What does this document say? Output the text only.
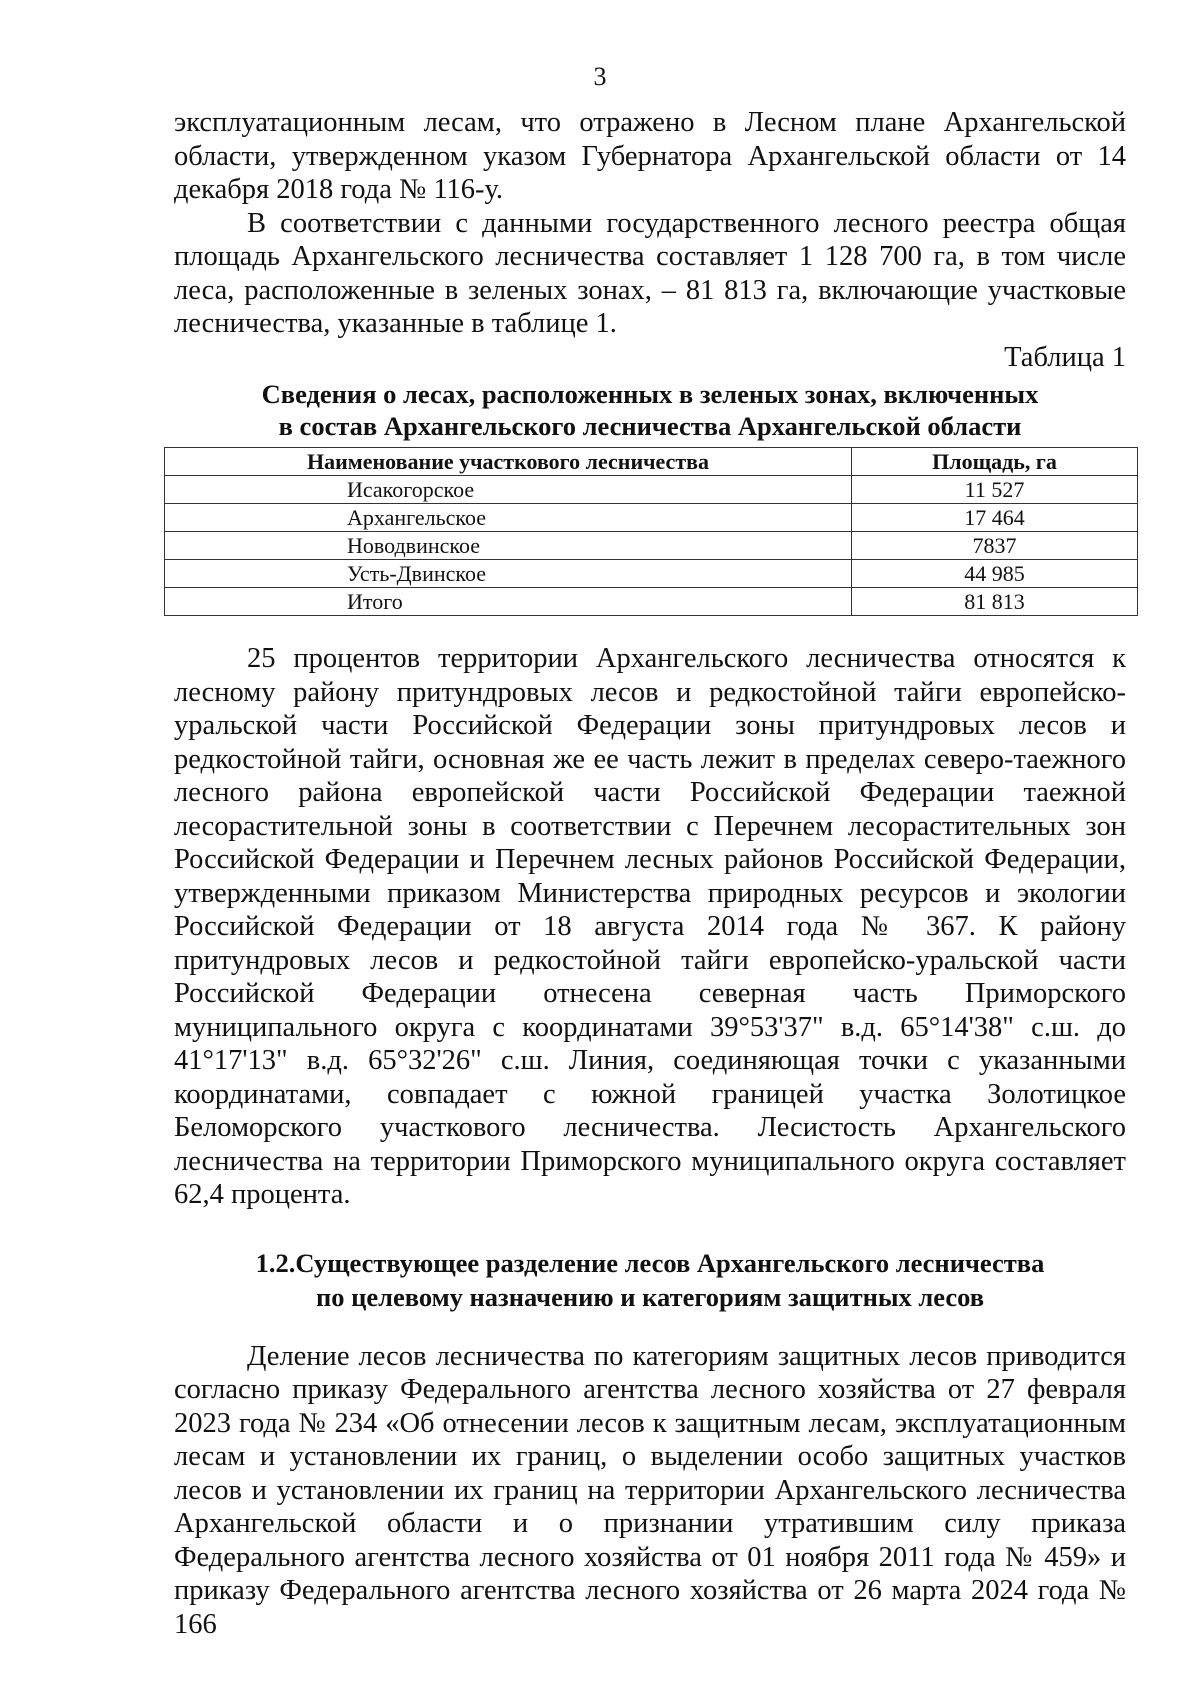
3

эксплуатационным лесам, что отражено в Лесном плане Архангельской области, утвержденном указом Губернатора Архангельской области от 14 декабря 2018 года № 116-у.

В соответствии с данными государственного лесного реестра общая площадь Архангельского лесничества составляет 1 128 700 га, в том числе леса, расположенные в зеленых зонах, – 81 813 га, включающие участковые лесничества, указанные в таблице 1.

Таблица 1

Сведения о лесах, расположенных в зеленых зонах, включенных
в состав Архангельского лесничества Архангельской области
Наименование участкового лесничества	Площадь, га
Исакогорское	11 527
Архангельское	17 464
Новодвинское	7837
Усть-Двинское	44 985
Итого	81 813

25 процентов территории Архангельского лесничества относятся к лесному району притундровых лесов и редкостойной тайги европейско-уральской части Российской Федерации зоны притундровых лесов и редкостойной тайги, основная же ее часть лежит в пределах северо-таежного лесного района европейской части Российской Федерации таежной лесорастительной зоны в соответствии с Перечнем лесорастительных зон Российской Федерации и Перечнем лесных районов Российской Федерации, утвержденными приказом Министерства природных ресурсов и экологии Российской Федерации от 18 августа 2014 года № 367. К району притундровых лесов и редкостойной тайги европейско-уральской части Российской Федерации отнесена северная часть Приморского муниципального округа с координатами 39°53'37" в.д. 65°14'38" с.ш. до 41°17'13" в.д. 65°32'26" с.ш. Линия, соединяющая точки с указанными координатами, совпадает с южной границей участка Золотицкое Беломорского участкового лесничества. Лесистость Архангельского лесничества на территории Приморского муниципального округа составляет 62,4 процента.

1.2.Существующее разделение лесов Архангельского лесничества
по целевому назначению и категориям защитных лесов

Деление лесов лесничества по категориям защитных лесов приводится согласно приказу Федерального агентства лесного хозяйства от 27 февраля 2023 года № 234 «Об отнесении лесов к защитным лесам, эксплуатационным лесам и установлении их границ, о выделении особо защитных участков лесов и установлении их границ на территории Архангельского лесничества Архангельской области и о признании утратившим силу приказа Федерального агентства лесного хозяйства от 01 ноября 2011 года № 459» и приказу Федерального агентства лесного хозяйства от 26 марта 2024 года № 166
